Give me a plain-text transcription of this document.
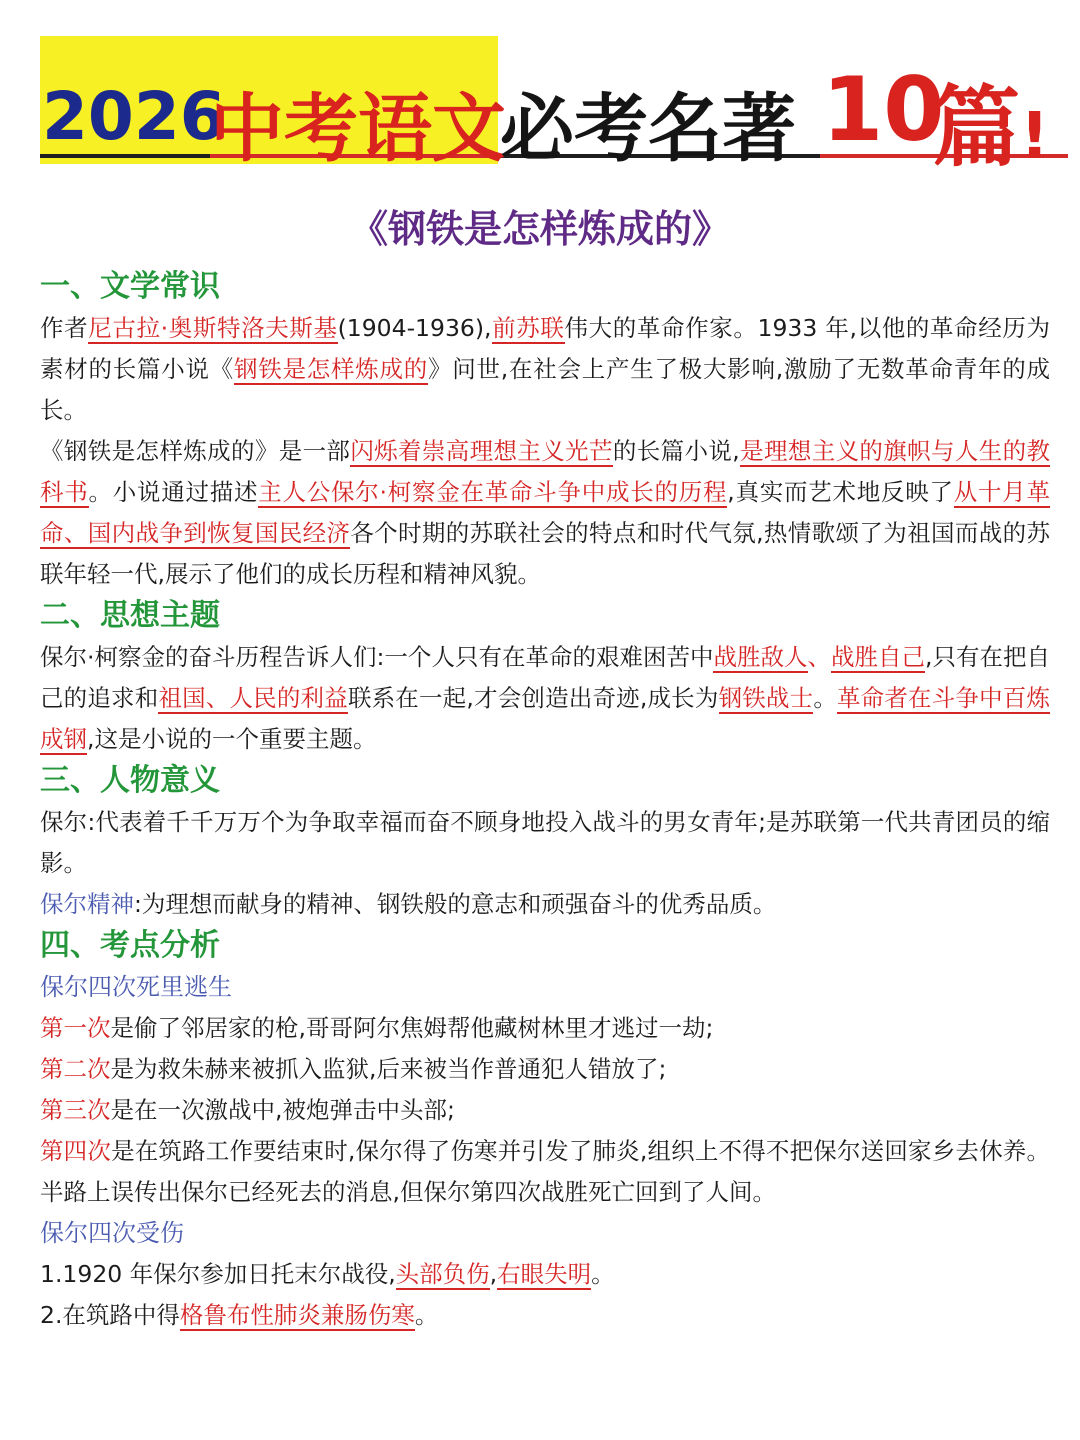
2026
中考语文
必考名著 10
篇!
《钢铁是怎样炼成的》
一、文学常识

作者尼古拉·奥斯特洛夫斯基(1904-1936),前苏联伟大的革命作家。1933 年,以他的革命经历为素材的长篇小说《钢铁是怎样炼成的》问世,在社会上产生了极大影响,激励了无数革命青年的成长。

《钢铁是怎样炼成的》是一部闪烁着崇高理想主义光芒的长篇小说,是理想主义的旗帜与人生的教科书。小说通过描述主人公保尔·柯察金在革命斗争中成长的历程,真实而艺术地反映了从十月革命、国内战争到恢复国民经济各个时期的苏联社会的特点和时代气氛,热情歌颂了为祖国而战的苏联年轻一代,展示了他们的成长历程和精神风貌。

二、思想主题

保尔·柯察金的奋斗历程告诉人们:一个人只有在革命的艰难困苦中战胜敌人、战胜自己,只有在把自己的追求和祖国、人民的利益联系在一起,才会创造出奇迹,成长为钢铁战士。革命者在斗争中百炼成钢,这是小说的一个重要主题。

三、人物意义

保尔:代表着千千万万个为争取幸福而奋不顾身地投入战斗的男女青年;是苏联第一代共青团员的缩影。

保尔精神:为理想而献身的精神、钢铁般的意志和顽强奋斗的优秀品质。

四、考点分析

保尔四次死里逃生

第一次是偷了邻居家的枪,哥哥阿尔焦姆帮他藏树林里才逃过一劫;

第二次是为救朱赫来被抓入监狱,后来被当作普通犯人错放了;

第三次是在一次激战中,被炮弹击中头部;

第四次是在筑路工作要结束时,保尔得了伤寒并引发了肺炎,组织上不得不把保尔送回家乡去休养。半路上误传出保尔已经死去的消息,但保尔第四次战胜死亡回到了人间。

保尔四次受伤

1.1920 年保尔参加日托末尔战役,头部负伤,右眼失明。

2.在筑路中得格鲁布性肺炎兼肠伤寒。
